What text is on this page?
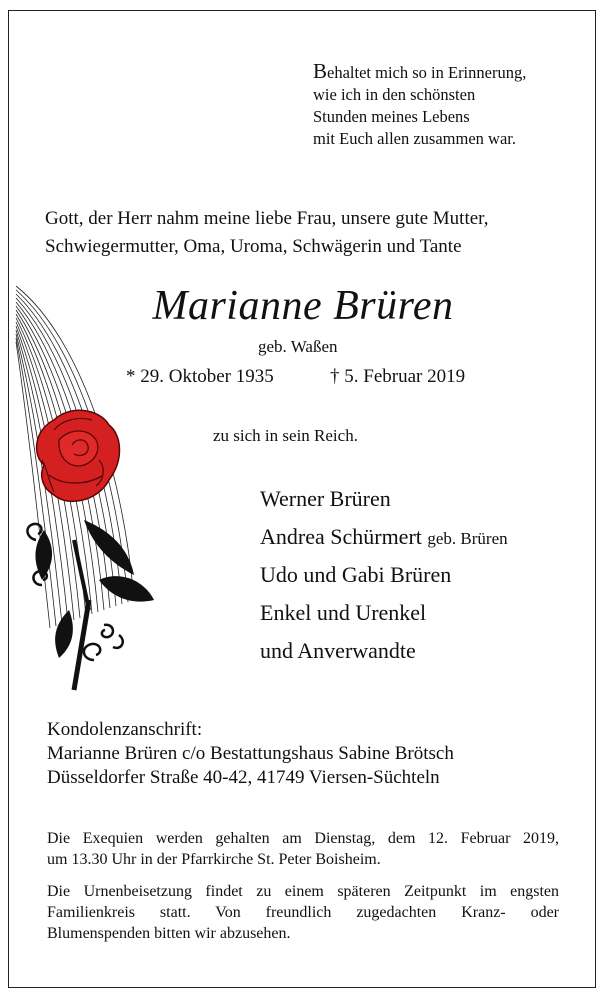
Behaltet mich so in Erinnerung,
wie ich in den schönsten
Stunden meines Lebens
mit Euch allen zusammen war.
Gott, der Herr nahm meine liebe Frau, unsere gute Mutter,
Schwiegermutter, Oma, Uroma, Schwägerin und Tante
Marianne Brüren
geb. Waßen
* 29. Oktober 1935	† 5. Februar 2019
zu sich in sein Reich.
Werner Brüren
Andrea Schürmert geb. Brüren
Udo und Gabi Brüren
Enkel und Urenkel
und Anverwandte
Kondolenzanschrift:
Marianne Brüren c/o Bestattungshaus Sabine Brötsch
Düsseldorfer Straße 40-42, 41749 Viersen-Süchteln
Die Exequien werden gehalten am Dienstag, dem 12. Februar 2019,
um 13.30 Uhr in der Pfarrkirche St. Peter Boisheim.
Die Urnenbeisetzung findet zu einem späteren Zeitpunkt im engsten
Familienkreis statt. Von freundlich zugedachten Kranz- oder
Blumenspenden bitten wir abzusehen.
